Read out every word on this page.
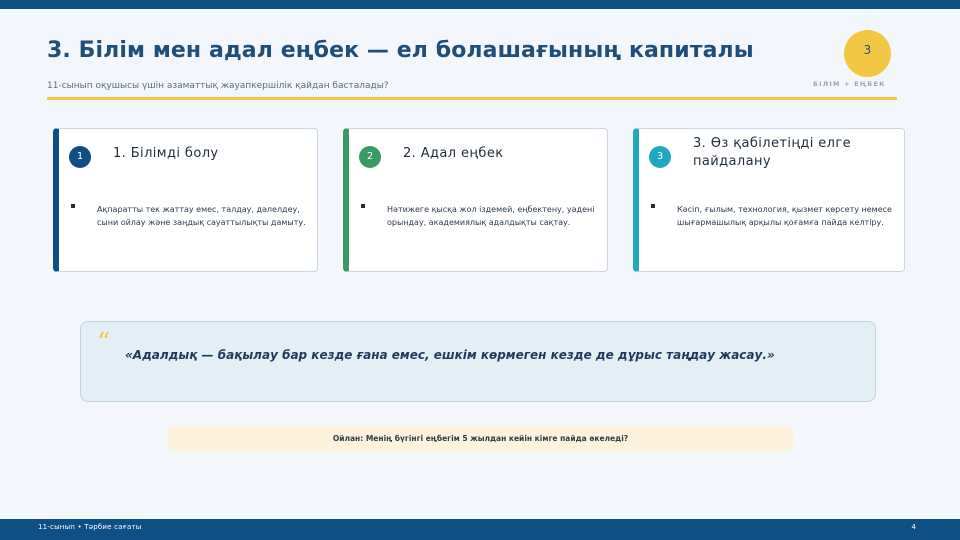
3. Білім мен адал еңбек — ел болашағының капиталы
11-сынып оқушысы үшін азаматтық жауапкершілік қайдан басталады?
3
БІЛІМ + ЕҢБЕК
1	1. Білімді болу
Ақпаратты тек жаттау емес, талдау, дәлелдеу, сыни ойлау және заңдық сауаттылықты дамыту.
2	2. Адал еңбек
Нәтижеге қысқа жол іздемей, еңбектену, уәдені орындау, академиялық адалдықты сақтау.
3
3. Өз қабілетіңді елге пайдалану
Кәсіп, ғылым, технология, қызмет көрсету немесе шығармашылық арқылы қоғамға пайда келтіру.
“ «Адалдық — бақылау бар кезде ғана емес, ешкім көрмеген кезде де дұрыс таңдау жасау.»
Ойлан: Менің бүгінгі еңбегім 5 жылдан кейін кімге пайда әкеледі?
11-сынып • Тәрбие сағаты	4
